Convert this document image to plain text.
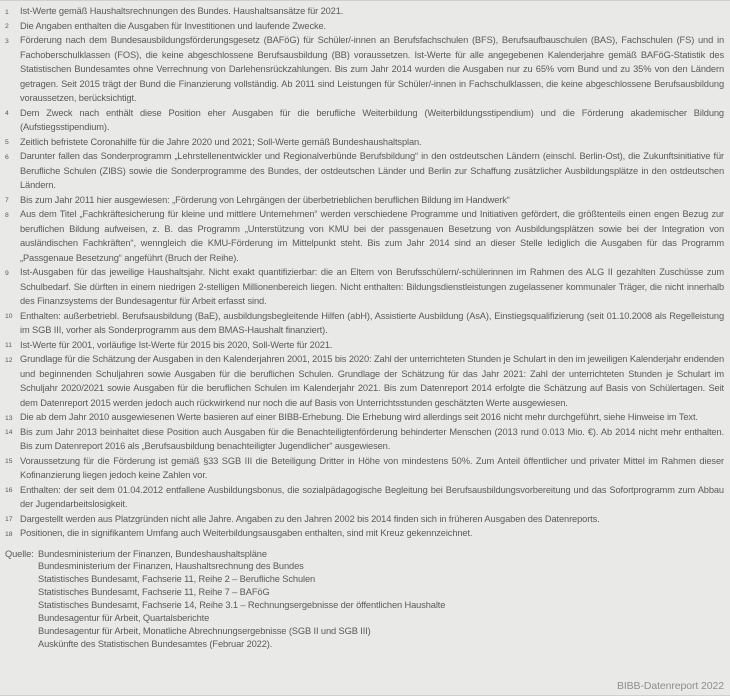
1 Ist-Werte gemäß Haushaltsrechnungen des Bundes. Haushaltsansätze für 2021.
2 Die Angaben enthalten die Ausgaben für Investitionen und laufende Zwecke.
3 Förderung nach dem Bundesausbildungsförderungsgesetz (BAFöG) für Schüler/-innen an Berufsfachschulen (BFS), Berufsaufbauschulen (BAS), Fachschulen (FS) und in Fachoberschulklassen (FOS), die keine abgeschlossene Berufsausbildung (BB) voraussetzen. Ist-Werte für alle angegebenen Kalenderjahre gemäß BAFöG-Statistik des Statistischen Bundesamtes ohne Verrechnung von Darlehensrückzahlungen. Bis zum Jahr 2014 wurden die Ausgaben nur zu 65% vom Bund und zu 35% von den Ländern getragen. Seit 2015 trägt der Bund die Finanzierung vollständig. Ab 2011 sind Leistungen für Schüler/-innen in Fachschulklassen, die keine abgeschlossene Berufsausbildung voraussetzen, berücksichtigt.
4 Dem Zweck nach enthält diese Position eher Ausgaben für die berufliche Weiterbildung (Weiterbildungsstipendium) und die Förderung akademischer Bildung (Aufstiegsstipendium).
5 Zeitlich befristete Coronahilfe für die Jahre 2020 und 2021; Soll-Werte gemäß Bundeshaushaltsplan.
6 Darunter fallen das Sonderprogramm „Lehrstellenentwickler und Regionalverbünde Berufsbildung“ in den ostdeutschen Ländern (einschl. Berlin-Ost), die Zukunftsinitiative für Berufliche Schulen (ZIBS) sowie die Sonderprogramme des Bundes, der ostdeutschen Länder und Berlin zur Schaffung zusätzlicher Ausbildungsplätze in den ostdeutschen Ländern.
7 Bis zum Jahr 2011 hier ausgewiesen: „Förderung von Lehrgängen der überbetrieblichen beruflichen Bildung im Handwerk“
8 Aus dem Titel „Fachkräftesicherung für kleine und mittlere Unternehmen“ werden verschiedene Programme und Initiativen gefördert, die größtenteils einen engen Bezug zur beruflichen Bildung aufweisen, z. B. das Programm „Unterstützung von KMU bei der passgenauen Besetzung von Ausbildungsplätzen sowie bei der Integration von ausländischen Fachkräften“, wenngleich die KMU-Förderung im Mittelpunkt steht. Bis zum Jahr 2014 sind an dieser Stelle lediglich die Ausgaben für das Programm „Passgenaue Besetzung“ angeführt (Bruch der Reihe).
9 Ist-Ausgaben für das jeweilige Haushaltsjahr. Nicht exakt quantifizierbar: die an Eltern von Berufsschülern/-schülerinnen im Rahmen des ALG II gezahlten Zuschüsse zum Schulbedarf. Sie dürften in einem niedrigen 2-stelligen Millionenbereich liegen. Nicht enthalten: Bildungsdienstleistungen zugelassener kommunaler Träger, die nicht innerhalb des Finanzsystems der Bundesagentur für Arbeit erfasst sind.
10 Enthalten: außerbetriebl. Berufsausbildung (BaE), ausbildungsbegleitende Hilfen (abH), Assistierte Ausbildung (AsA), Einstiegsqualifizierung (seit 01.10.2008 als Regelleistung im SGB III, vorher als Sonderprogramm aus dem BMAS-Haushalt finanziert).
11 Ist-Werte für 2001, vorläufige Ist-Werte für 2015 bis 2020, Soll-Werte für 2021.
12 Grundlage für die Schätzung der Ausgaben in den Kalenderjahren 2001, 2015 bis 2020: Zahl der unterrichteten Stunden je Schulart in den im jeweiligen Kalenderjahr endenden und beginnenden Schuljahren sowie Ausgaben für die beruflichen Schulen. Grundlage der Schätzung für das Jahr 2021: Zahl der unterrichteten Stunden je Schulart im Schuljahr 2020/2021 sowie Ausgaben für die beruflichen Schulen im Kalenderjahr 2021. Bis zum Datenreport 2014 erfolgte die Schätzung auf Basis von Schülertagen. Seit dem Datenreport 2015 werden jedoch auch rückwirkend nur noch die auf Basis von Unterrichtsstunden geschätzten Werte ausgewiesen.
13 Die ab dem Jahr 2010 ausgewiesenen Werte basieren auf einer BIBB-Erhebung. Die Erhebung wird allerdings seit 2016 nicht mehr durchgeführt, siehe Hinweise im Text.
14 Bis zum Jahr 2013 beinhaltet diese Position auch Ausgaben für die Benachteiligtenförderung behinderter Menschen (2013 rund 0.013 Mio. €). Ab 2014 nicht mehr enthalten. Bis zum Datenreport 2016 als „Berufsausbildung benachteiligter Jugendlicher“ ausgewiesen.
15 Voraussetzung für die Förderung ist gemäß §33 SGB III die Beteiligung Dritter in Höhe von mindestens 50%. Zum Anteil öffentlicher und privater Mittel im Rahmen dieser Kofinanzierung liegen jedoch keine Zahlen vor.
16 Enthalten: der seit dem 01.04.2012 entfallene Ausbildungsbonus, die sozialpädagogische Begleitung bei Berufsausbildungsvorbereitung und das Sofortprogramm zum Abbau der Jugendarbeitslosigkeit.
17 Dargestellt werden aus Platzgründen nicht alle Jahre. Angaben zu den Jahren 2002 bis 2014 finden sich in früheren Ausgaben des Datenreports.
18 Positionen, die in signifikantem Umfang auch Weiterbildungsausgaben enthalten, sind mit Kreuz gekennzeichnet.
Quelle: Bundesministerium der Finanzen, Bundeshaushaltspläne
Bundesministerium der Finanzen, Haushaltsrechnung des Bundes
Statistisches Bundesamt, Fachserie 11, Reihe 2 – Berufliche Schulen
Statistisches Bundesamt, Fachserie 11, Reihe 7 – BAFöG
Statistisches Bundesamt, Fachserie 14, Reihe 3.1 – Rechnungsergebnisse der öffentlichen Haushalte
Bundesagentur für Arbeit, Quartalsberichte
Bundesagentur für Arbeit, Monatliche Abrechnungsergebnisse (SGB II und SGB III)
Auskünfte des Statistischen Bundesamtes (Februar 2022).
BIBB-Datenreport 2022
